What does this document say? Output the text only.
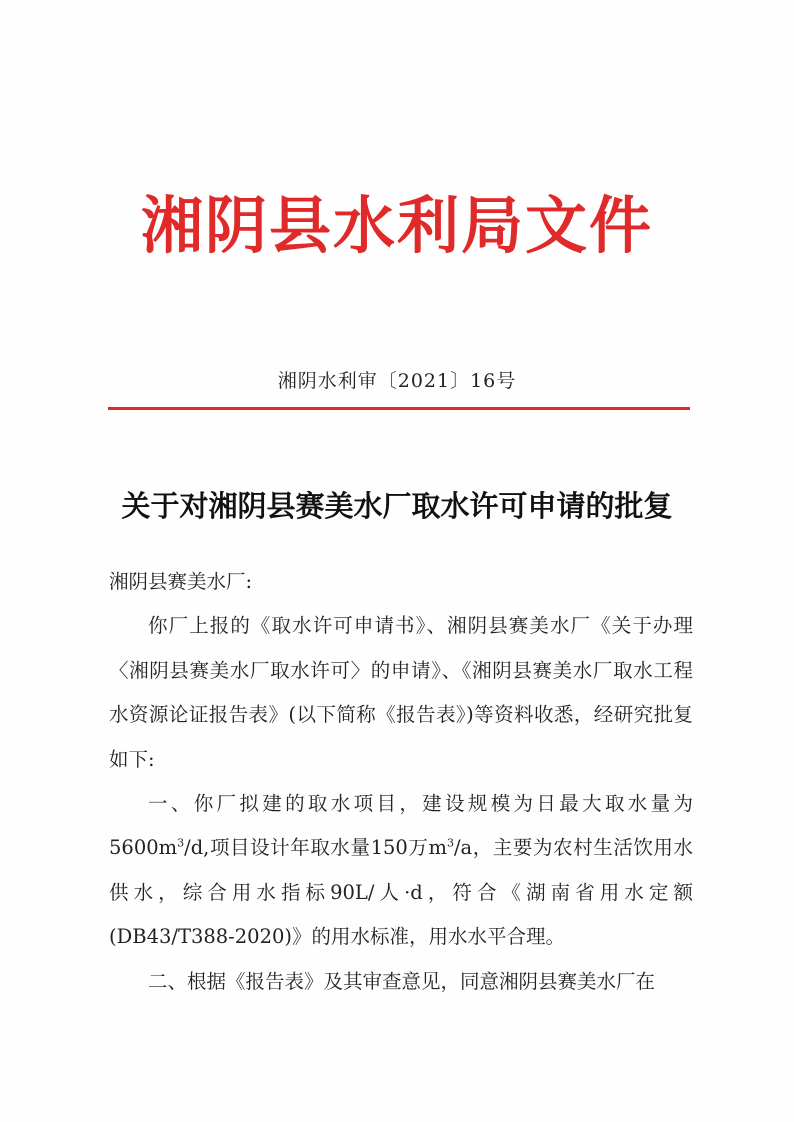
湘阴县水利局文件
湘阴水利审〔2021〕16号
关于对湘阴县赛美水厂取水许可申请的批复

湘阴县赛美水厂:

你厂上报的《取水许可申请书》、湘阴县赛美水厂《关于办理〈湘阴县赛美水厂取水许可〉的申请》、《湘阴县赛美水厂取水工程水资源论证报告表》(以下简称《报告表》)等资料收悉，经研究批复如下:

一、你厂拟建的取水项目，建设规模为日最大取水量为$5600m^3/d$,项目设计年取水量150万$m^3/a$，主要为农村生活饮用水供水，综合用水指标90L/人·d，符合《湖南省用水定额(DB43/T388-2020)》的用水标准，用水水平合理。

二、根据《报告表》及其审查意见，同意湘阴县赛美水厂在
